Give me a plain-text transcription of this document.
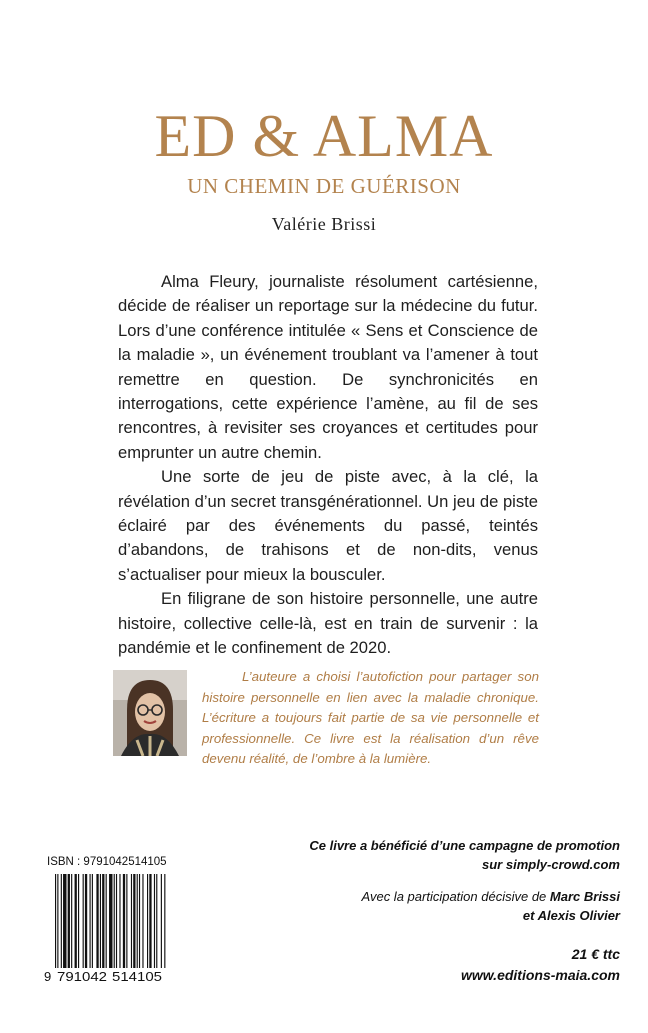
ED & ALMA
UN CHEMIN DE GUÉRISON
Valérie Brissi

Alma Fleury, journaliste résolument cartésienne, décide de réaliser un reportage sur la médecine du futur. Lors d’une conférence intitulée « Sens et Conscience de la maladie », un événement troublant va l’amener à tout remettre en question. De synchronicités en interrogations, cette expérience l’amène, au fil de ses rencontres, à revisiter ses croyances et certitudes pour emprunter un autre chemin.

Une sorte de jeu de piste avec, à la clé, la révélation d’un secret transgénérationnel. Un jeu de piste éclairé par des événements du passé, teintés d’abandons, de trahisons et de non-dits, venus s’actualiser pour mieux la bousculer.

En filigrane de son histoire personnelle, une autre histoire, collective celle-là, est en train de survenir : la pandémie et le confinement de 2020.

L’auteure a choisi l’autofiction pour partager son histoire personnelle en lien avec la maladie chronique. L’écriture a toujours fait partie de sa vie personnelle et professionnelle. Ce livre est la réalisation d’un rêve devenu réalité, de l’ombre à la lumière.

Ce livre a bénéficié d’une campagne de promotion
sur simply-crowd.com
Avec la participation décisive de Marc Brissi
et Alexis Olivier
ISBN : 9791042514105
9 791042 514105
21 € ttc
www.editions-maia.com
